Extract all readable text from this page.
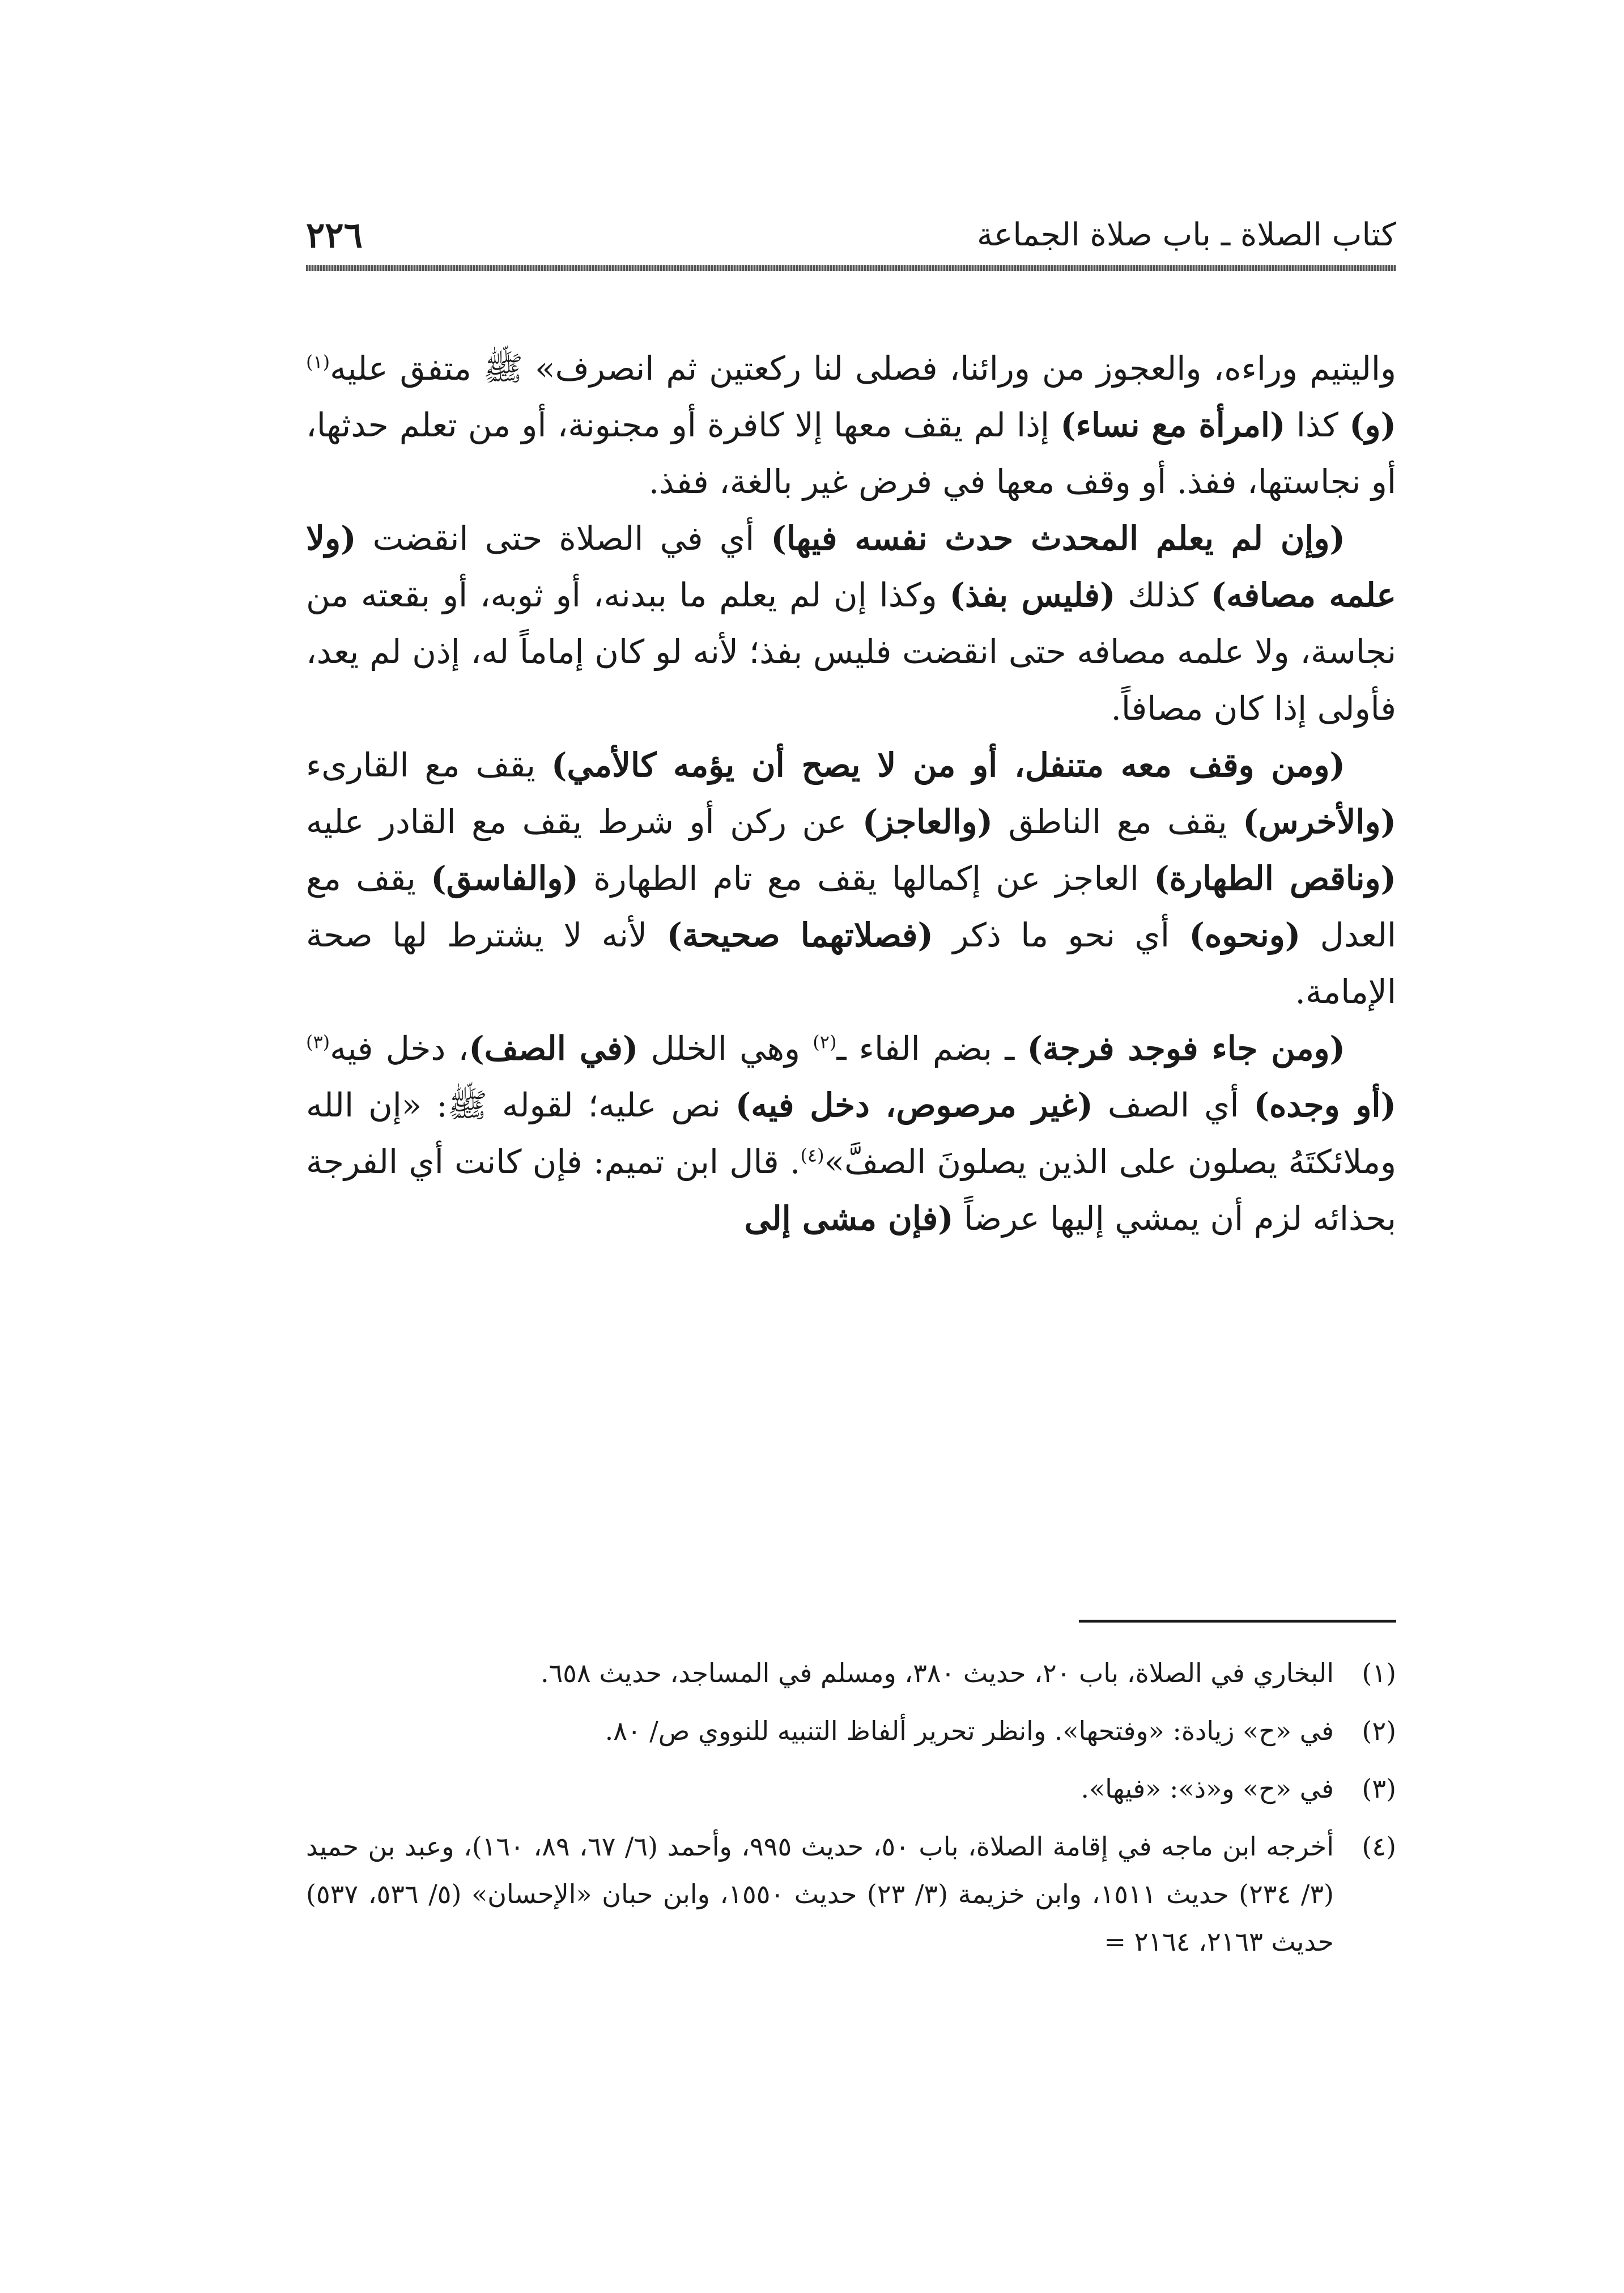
٢٢٦	كتاب الصلاة ـ باب صلاة الجماعة

واليتيم وراءه، والعجوز من ورائنا، فصلى لنا ركعتين ثم انصرف» ﷺ متفق عليه$^{(١)}$ (و) كذا (امرأة مع نساء) إذا لم يقف معها إلا كافرة أو مجنونة، أو من تعلم حدثها، أو نجاستها، ففذ. أو وقف معها في فرض غير بالغة، ففذ.

(وإن لم يعلم المحدث حدث نفسه فيها) أي في الصلاة حتى انقضت (ولا علمه مصافه) كذلك (فليس بفذ) وكذا إن لم يعلم ما ببدنه، أو ثوبه، أو بقعته من نجاسة، ولا علمه مصافه حتى انقضت فليس بفذ؛ لأنه لو كان إماماً له، إذن لم يعد، فأولى إذا كان مصافاً.

(ومن وقف معه متنفل، أو من لا يصح أن يؤمه كالأمي) يقف مع القارىء (والأخرس) يقف مع الناطق (والعاجز) عن ركن أو شرط يقف مع القادر عليه (وناقص الطهارة) العاجز عن إكمالها يقف مع تام الطهارة (والفاسق) يقف مع العدل (ونحوه) أي نحو ما ذكر (فصلاتهما صحيحة) لأنه لا يشترط لها صحة الإمامة.

(ومن جاء فوجد فرجة) ـ بضم الفاء ـ$^{(٢)}$ وهي الخلل (في الصف)، دخل فيه$^{(٣)}$ (أو وجده) أي الصف (غير مرصوص، دخل فيه) نص عليه؛ لقوله ﷺ: «إن الله وملائكتَهُ يصلون على الذين يصلونَ الصفَّ»$^{(٤)}$. قال ابن تميم: فإن كانت أي الفرجة بحذائه لزم أن يمشي إليها عرضاً (فإن مشى إلى

(١)
البخاري في الصلاة، باب ٢٠، حديث ٣٨٠، ومسلم في المساجد، حديث ٦٥٨.
(٢)
في «ح» زيادة: «وفتحها». وانظر تحرير ألفاظ التنبيه للنووي ص/ ٨٠.
(٣)
في «ح» و«ذ»: «فيها».
(٤)
أخرجه ابن ماجه في إقامة الصلاة، باب ٥٠، حديث ٩٩٥، وأحمد (٦/ ٦٧، ٨٩، ١٦٠)، وعبد بن حميد (٣/ ٢٣٤) حديث ١٥١١، وابن خزيمة (٣/ ٢٣) حديث ١٥٥٠، وابن حبان «الإحسان» (٥/ ٥٣٦، ٥٣٧) حديث ٢١٦٣، ٢١٦٤ =
